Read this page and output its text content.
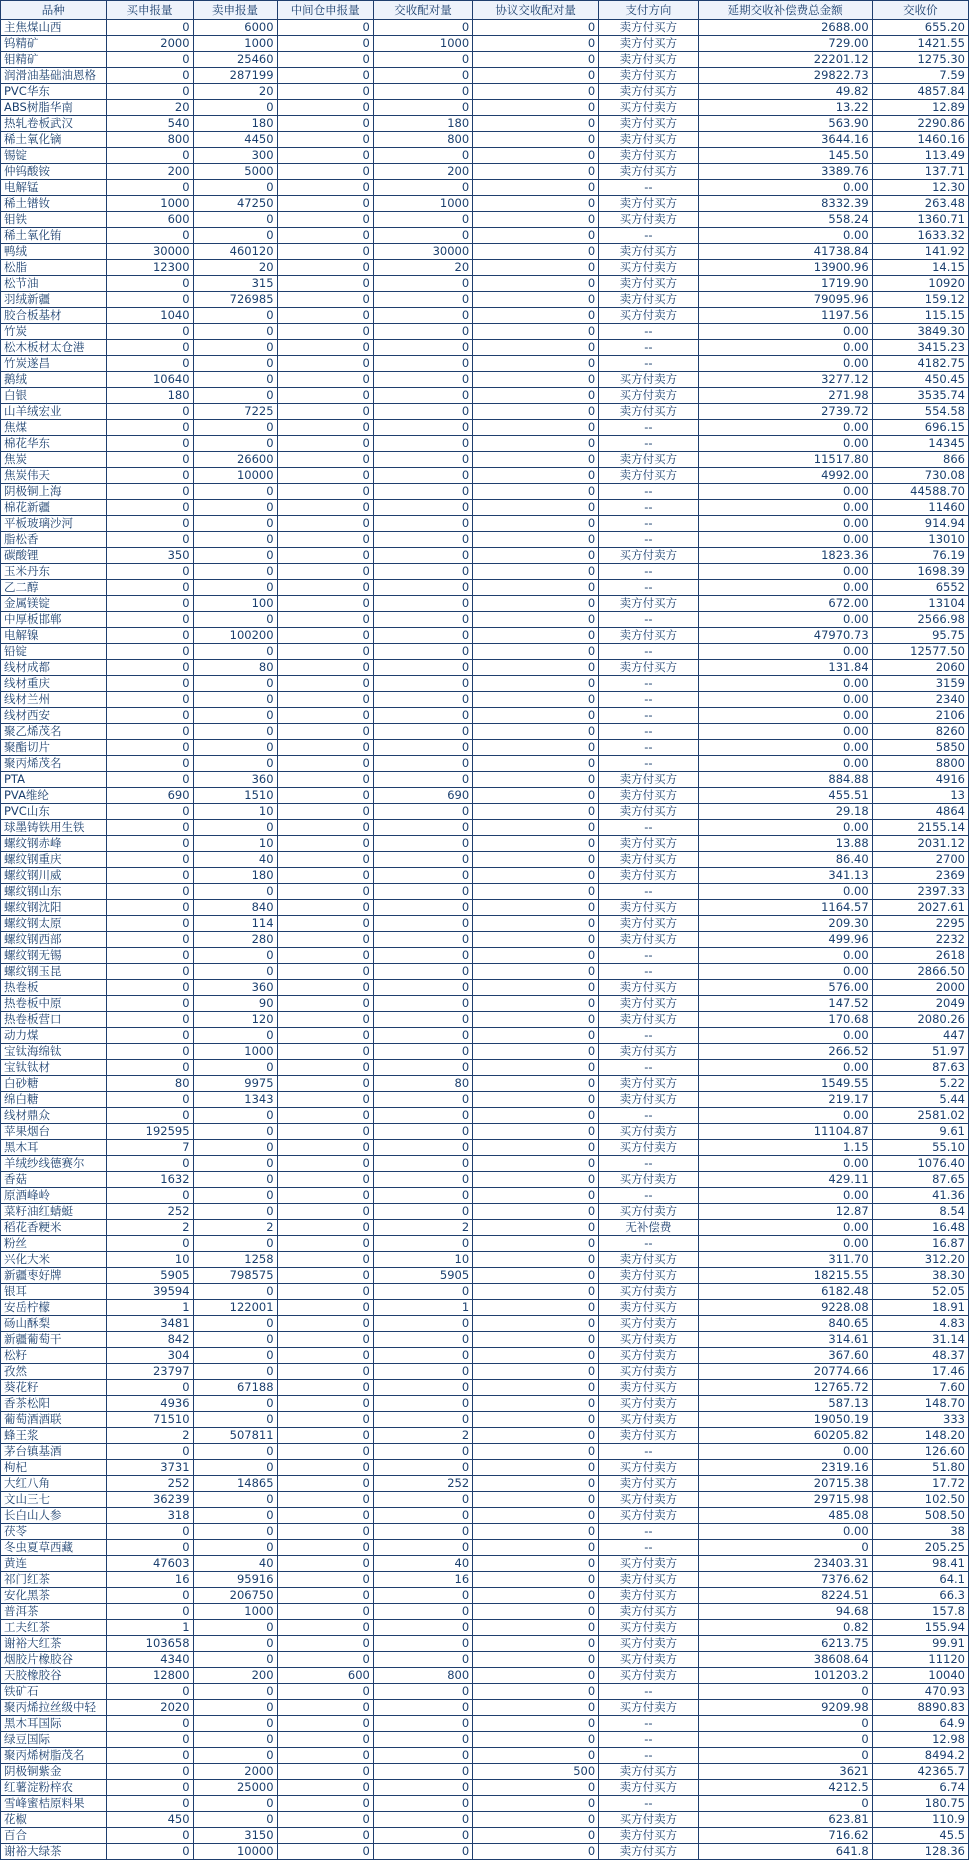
品种	买申报量	卖申报量	中间仓申报量	交收配对量	协议交收配对量	支付方向	延期交收补偿费总金额	交收价
主焦煤山西	0	6000	0	0	0	卖方付买方	2688.00	655.20
钨精矿	2000	1000	0	1000	0	卖方付买方	729.00	1421.55
钼精矿	0	25460	0	0	0	卖方付买方	22201.12	1275.30
润滑油基础油恩格	0	287199	0	0	0	卖方付买方	29822.73	7.59
PVC华东	0	20	0	0	0	卖方付买方	49.82	4857.84
ABS树脂华南	20	0	0	0	0	买方付卖方	13.22	12.89
热轧卷板武汉	540	180	0	180	0	卖方付买方	563.90	2290.86
稀土氧化镝	800	4450	0	800	0	卖方付买方	3644.16	1460.16
锡锭	0	300	0	0	0	卖方付买方	145.50	113.49
仲钨酸铵	200	5000	0	200	0	卖方付买方	3389.76	137.71
电解锰	0	0	0	0	0	--	0.00	12.30
稀土镨钕	1000	47250	0	1000	0	卖方付买方	8332.39	263.48
钼铁	600	0	0	0	0	买方付卖方	558.24	1360.71
稀土氧化铕	0	0	0	0	0	--	0.00	1633.32
鸭绒	30000	460120	0	30000	0	卖方付买方	41738.84	141.92
松脂	12300	20	0	20	0	买方付卖方	13900.96	14.15
松节油	0	315	0	0	0	卖方付买方	1719.90	10920
羽绒新疆	0	726985	0	0	0	卖方付买方	79095.96	159.12
胶合板基材	1040	0	0	0	0	买方付卖方	1197.56	115.15
竹炭	0	0	0	0	0	--	0.00	3849.30
松木板材太仓港	0	0	0	0	0	--	0.00	3415.23
竹炭遂昌	0	0	0	0	0	--	0.00	4182.75
鹅绒	10640	0	0	0	0	买方付卖方	3277.12	450.45
白银	180	0	0	0	0	买方付卖方	271.98	3535.74
山羊绒宏业	0	7225	0	0	0	卖方付买方	2739.72	554.58
焦煤	0	0	0	0	0	--	0.00	696.15
棉花华东	0	0	0	0	0	--	0.00	14345
焦炭	0	26600	0	0	0	卖方付买方	11517.80	866
焦炭伟天	0	10000	0	0	0	卖方付买方	4992.00	730.08
阴极铜上海	0	0	0	0	0	--	0.00	44588.70
棉花新疆	0	0	0	0	0	--	0.00	11460
平板玻璃沙河	0	0	0	0	0	--	0.00	914.94
脂松香	0	0	0	0	0	--	0.00	13010
碳酸锂	350	0	0	0	0	买方付卖方	1823.36	76.19
玉米丹东	0	0	0	0	0	--	0.00	1698.39
乙二醇	0	0	0	0	0	--	0.00	6552
金属镁锭	0	100	0	0	0	卖方付买方	672.00	13104
中厚板邯郸	0	0	0	0	0	--	0.00	2566.98
电解镍	0	100200	0	0	0	卖方付买方	47970.73	95.75
铅锭	0	0	0	0	0	--	0.00	12577.50
线材成都	0	80	0	0	0	卖方付买方	131.84	2060
线材重庆	0	0	0	0	0	--	0.00	3159
线材兰州	0	0	0	0	0	--	0.00	2340
线材西安	0	0	0	0	0	--	0.00	2106
聚乙烯茂名	0	0	0	0	0	--	0.00	8260
聚酯切片	0	0	0	0	0	--	0.00	5850
聚丙烯茂名	0	0	0	0	0	--	0.00	8800
PTA	0	360	0	0	0	卖方付买方	884.88	4916
PVA维纶	690	1510	0	690	0	卖方付买方	455.51	13
PVC山东	0	10	0	0	0	卖方付买方	29.18	4864
球墨铸铁用生铁	0	0	0	0	0	--	0.00	2155.14
螺纹钢赤峰	0	10	0	0	0	卖方付买方	13.88	2031.12
螺纹钢重庆	0	40	0	0	0	卖方付买方	86.40	2700
螺纹钢川威	0	180	0	0	0	卖方付买方	341.13	2369
螺纹钢山东	0	0	0	0	0	--	0.00	2397.33
螺纹钢沈阳	0	840	0	0	0	卖方付买方	1164.57	2027.61
螺纹钢太原	0	114	0	0	0	卖方付买方	209.30	2295
螺纹钢西部	0	280	0	0	0	卖方付买方	499.96	2232
螺纹钢无锡	0	0	0	0	0	--	0.00	2618
螺纹钢玉昆	0	0	0	0	0	--	0.00	2866.50
热卷板	0	360	0	0	0	卖方付买方	576.00	2000
热卷板中原	0	90	0	0	0	卖方付买方	147.52	2049
热卷板营口	0	120	0	0	0	卖方付买方	170.68	2080.26
动力煤	0	0	0	0	0	--	0.00	447
宝钛海绵钛	0	1000	0	0	0	卖方付买方	266.52	51.97
宝钛钛材	0	0	0	0	0	--	0.00	87.63
白砂糖	80	9975	0	80	0	卖方付买方	1549.55	5.22
绵白糖	0	1343	0	0	0	卖方付买方	219.17	5.44
线材鼎众	0	0	0	0	0	--	0.00	2581.02
苹果烟台	192595	0	0	0	0	买方付卖方	11104.87	9.61
黑木耳	7	0	0	0	0	买方付卖方	1.15	55.10
羊绒纱线德赛尔	0	0	0	0	0	--	0.00	1076.40
香菇	1632	0	0	0	0	买方付卖方	429.11	87.65
原酒峰岭	0	0	0	0	0	--	0.00	41.36
菜籽油红蜻蜓	252	0	0	0	0	买方付卖方	12.87	8.54
稻花香粳米	2	2	0	2	0	无补偿费	0.00	16.48
粉丝	0	0	0	0	0	--	0.00	16.87
兴化大米	10	1258	0	10	0	卖方付买方	311.70	312.20
新疆枣好牌	5905	798575	0	5905	0	卖方付买方	18215.55	38.30
银耳	39594	0	0	0	0	买方付卖方	6182.48	52.05
安岳柠檬	1	122001	0	1	0	卖方付买方	9228.08	18.91
砀山酥梨	3481	0	0	0	0	买方付卖方	840.65	4.83
新疆葡萄干	842	0	0	0	0	买方付卖方	314.61	31.14
松籽	304	0	0	0	0	买方付卖方	367.60	48.37
孜然	23797	0	0	0	0	买方付卖方	20774.66	17.46
葵花籽	0	67188	0	0	0	卖方付买方	12765.72	7.60
香茶松阳	4936	0	0	0	0	买方付卖方	587.13	148.70
葡萄酒酒联	71510	0	0	0	0	买方付卖方	19050.19	333
蜂王浆	2	507811	0	2	0	卖方付买方	60205.82	148.20
茅台镇基酒	0	0	0	0	0	--	0.00	126.60
枸杞	3731	0	0	0	0	买方付卖方	2319.16	51.80
大红八角	252	14865	0	252	0	卖方付买方	20715.38	17.72
文山三七	36239	0	0	0	0	买方付卖方	29715.98	102.50
长白山人参	318	0	0	0	0	买方付卖方	485.08	508.50
茯苓	0	0	0	0	0	--	0.00	38
冬虫夏草西藏	0	0	0	0	0	--	0	205.25
黄连	47603	40	0	40	0	买方付卖方	23403.31	98.41
祁门红茶	16	95916	0	16	0	卖方付买方	7376.62	64.1
安化黑茶	0	206750	0	0	0	卖方付买方	8224.51	66.3
普洱茶	0	1000	0	0	0	卖方付买方	94.68	157.8
工夫红茶	1	0	0	0	0	买方付卖方	0.82	155.94
谢裕大红茶	103658	0	0	0	0	买方付卖方	6213.75	99.91
烟胶片橡胶谷	4340	0	0	0	0	买方付卖方	38608.64	11120
天胶橡胶谷	12800	200	600	800	0	买方付卖方	101203.2	10040
铁矿石	0	0	0	0	0	--	0	470.93
聚丙烯拉丝级中轻	2020	0	0	0	0	买方付卖方	9209.98	8890.83
黑木耳国际	0	0	0	0	0	--	0	64.9
绿豆国际	0	0	0	0	0	--	0	12.98
聚丙烯树脂茂名	0	0	0	0	0	--	0	8494.2
阴极铜紫金	0	2000	0	0	500	卖方付买方	3621	42365.7
红薯淀粉梓农	0	25000	0	0	0	卖方付买方	4212.5	6.74
雪峰蜜桔原料果	0	0	0	0	0	--	0	180.75
花椒	450	0	0	0	0	买方付卖方	623.81	110.9
百合	0	3150	0	0	0	卖方付买方	716.62	45.5
谢裕大绿茶	0	10000	0	0	0	卖方付买方	641.8	128.36
